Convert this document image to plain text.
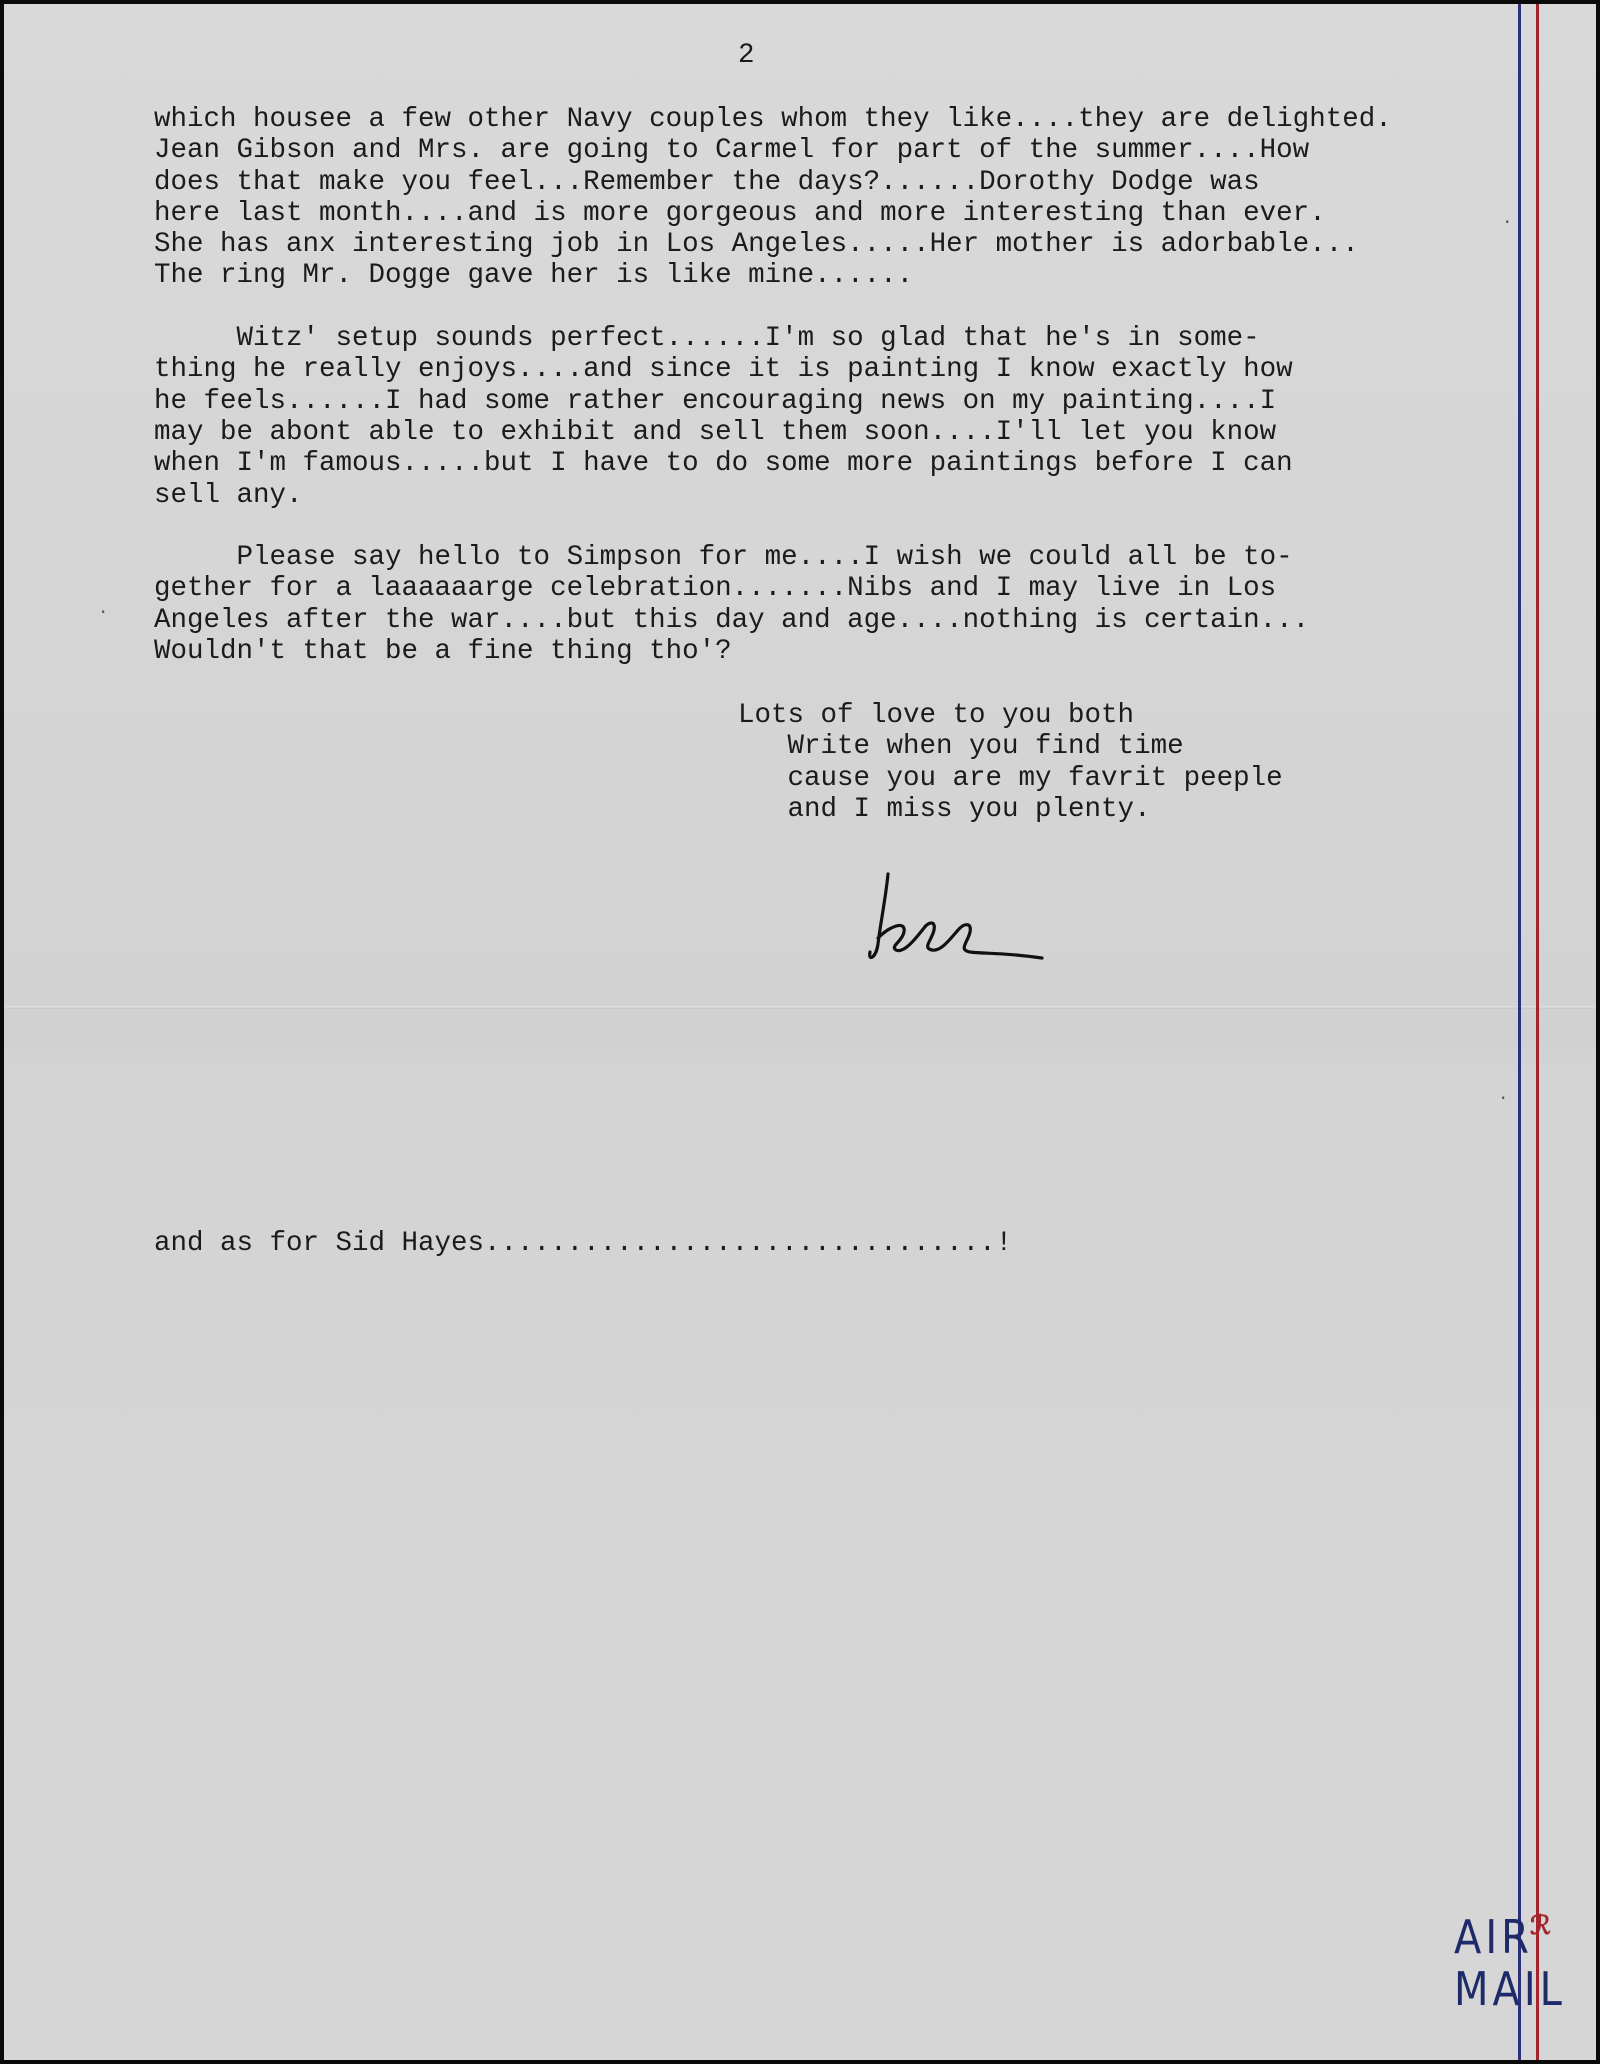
2
which housee a few other Navy couples whom they like....they are delighted.
Jean Gibson and Mrs. are going to Carmel for part of the summer....How
does that make you feel...Remember the days?......Dorothy Dodge was
here last month....and is more gorgeous and more interesting than ever.
She has anx interesting job in Los Angeles.....Her mother is adorbable...
The ring Mr. Dogge gave her is like mine......

Witz' setup sounds perfect......I'm so glad that he's in some-
thing he really enjoys....and since it is painting I know exactly how
he feels......I had some rather encouraging news on my painting....I
may be abont able to exhibit and sell them soon....I'll let you know
when I'm famous.....but I have to do some more paintings before I can
sell any.

Please say hello to Simpson for me....I wish we could all be to-
gether for a laaaaaarge celebration.......Nibs and I may live in Los
Angeles after the war....but this day and age....nothing is certain...
Wouldn't that be a fine thing tho'?

Lots of love to you both
Write when you find time
cause you are my favrit peeple
and I miss you plenty.
and as for Sid Hayes...............................!
AIR
ℛ
MAIL
·
.
.
